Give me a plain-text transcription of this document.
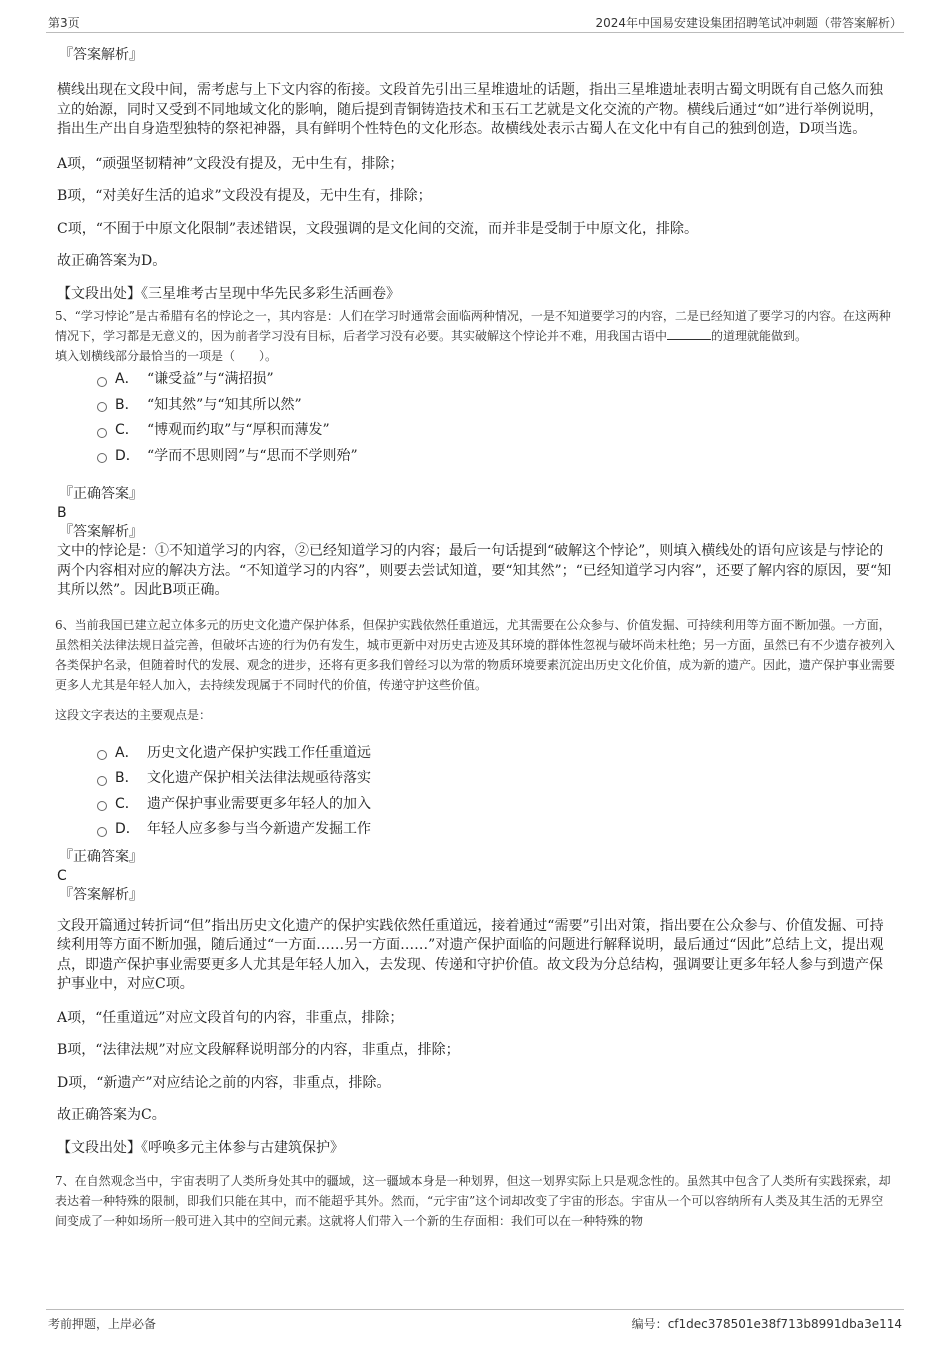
第3页	2024年中国易安建设集团招聘笔试冲刺题（带答案解析）
『答案解析』
横线出现在文段中间，需考虑与上下文内容的衔接。文段首先引出三星堆遗址的话题，指出三星堆遗址表明古蜀文明既有自己悠久而独立的始源，同时又受到不同地域文化的影响，随后提到青铜铸造技术和玉石工艺就是文化交流的产物。横线后通过“如”进行举例说明，指出生产出自身造型独特的祭祀神器，具有鲜明个性特色的文化形态。故横线处表示古蜀人在文化中有自己的独到创造，D项当选。
A项，“顽强坚韧精神”文段没有提及，无中生有，排除；
B项，“对美好生活的追求”文段没有提及，无中生有，排除；
C项，“不囿于中原文化限制”表述错误，文段强调的是文化间的交流，而并非是受制于中原文化，排除。
故正确答案为D。
【文段出处】《三星堆考古呈现中华先民多彩生活画卷》
5、“学习悖论”是古希腊有名的悖论之一，其内容是：人们在学习时通常会面临两种情况，一是不知道要学习的内容，二是已经知道了要学习的内容。在这两种情况下，学习都是无意义的，因为前者学习没有目标，后者学习没有必要。其实破解这个悖论并不难，用我国古语中	的道理就能做到。
填入划横线部分最恰当的一项是（　　）。
A． “谦受益”与“满招损”
B． “知其然”与“知其所以然”
C． “博观而约取”与“厚积而薄发”
D． “学而不思则罔”与“思而不学则殆”
『正确答案』
B
『答案解析』
文中的悖论是：①不知道学习的内容，②已经知道学习的内容；最后一句话提到“破解这个悖论”，则填入横线处的语句应该是与悖论的两个内容相对应的解决方法。“不知道学习的内容”，则要去尝试知道，要“知其然”；“已经知道学习内容”，还要了解内容的原因，要“知其所以然”。因此B项正确。
6、当前我国已建立起立体多元的历史文化遗产保护体系，但保护实践依然任重道远，尤其需要在公众参与、价值发掘、可持续利用等方面不断加强。一方面，虽然相关法律法规日益完善，但破坏古迹的行为仍有发生，城市更新中对历史古迹及其环境的群体性忽视与破坏尚未杜绝；另一方面，虽然已有不少遗存被列入各类保护名录，但随着时代的发展、观念的进步，还将有更多我们曾经习以为常的物质环境要素沉淀出历史文化价值，成为新的遗产。因此，遗产保护事业需要更多人尤其是年轻人加入，去持续发现属于不同时代的价值，传递守护这些价值。
这段文字表达的主要观点是：
A． 历史文化遗产保护实践工作任重道远
B． 文化遗产保护相关法律法规亟待落实
C． 遗产保护事业需要更多年轻人的加入
D． 年轻人应多参与当今新遗产发掘工作
『正确答案』
C
『答案解析』
文段开篇通过转折词“但”指出历史文化遗产的保护实践依然任重道远，接着通过“需要”引出对策，指出要在公众参与、价值发掘、可持续利用等方面不断加强，随后通过“一方面……另一方面……”对遗产保护面临的问题进行解释说明，最后通过“因此”总结上文，提出观点，即遗产保护事业需要更多人尤其是年轻人加入，去发现、传递和守护价值。故文段为分总结构，强调要让更多年轻人参与到遗产保护事业中，对应C项。
A项，“任重道远”对应文段首句的内容，非重点，排除；
B项，“法律法规”对应文段解释说明部分的内容，非重点，排除；
D项，“新遗产”对应结论之前的内容，非重点，排除。
故正确答案为C。
【文段出处】《呼唤多元主体参与古建筑保护》
7、在自然观念当中，宇宙表明了人类所身处其中的疆域，这一疆域本身是一种划界，但这一划界实际上只是观念性的。虽然其中包含了人类所有实践探索，却表达着一种特殊的限制，即我们只能在其中，而不能超乎其外。然而，“元宇宙”这个词却改变了宇宙的形态。宇宙从一个可以容纳所有人类及其生活的无界空间变成了一种如场所一般可进入其中的空间元素。这就将人们带入一个新的生存面相：我们可以在一种特殊的物
考前押题，上岸必备	编号：cf1dec378501e38f713b8991dba3e114
